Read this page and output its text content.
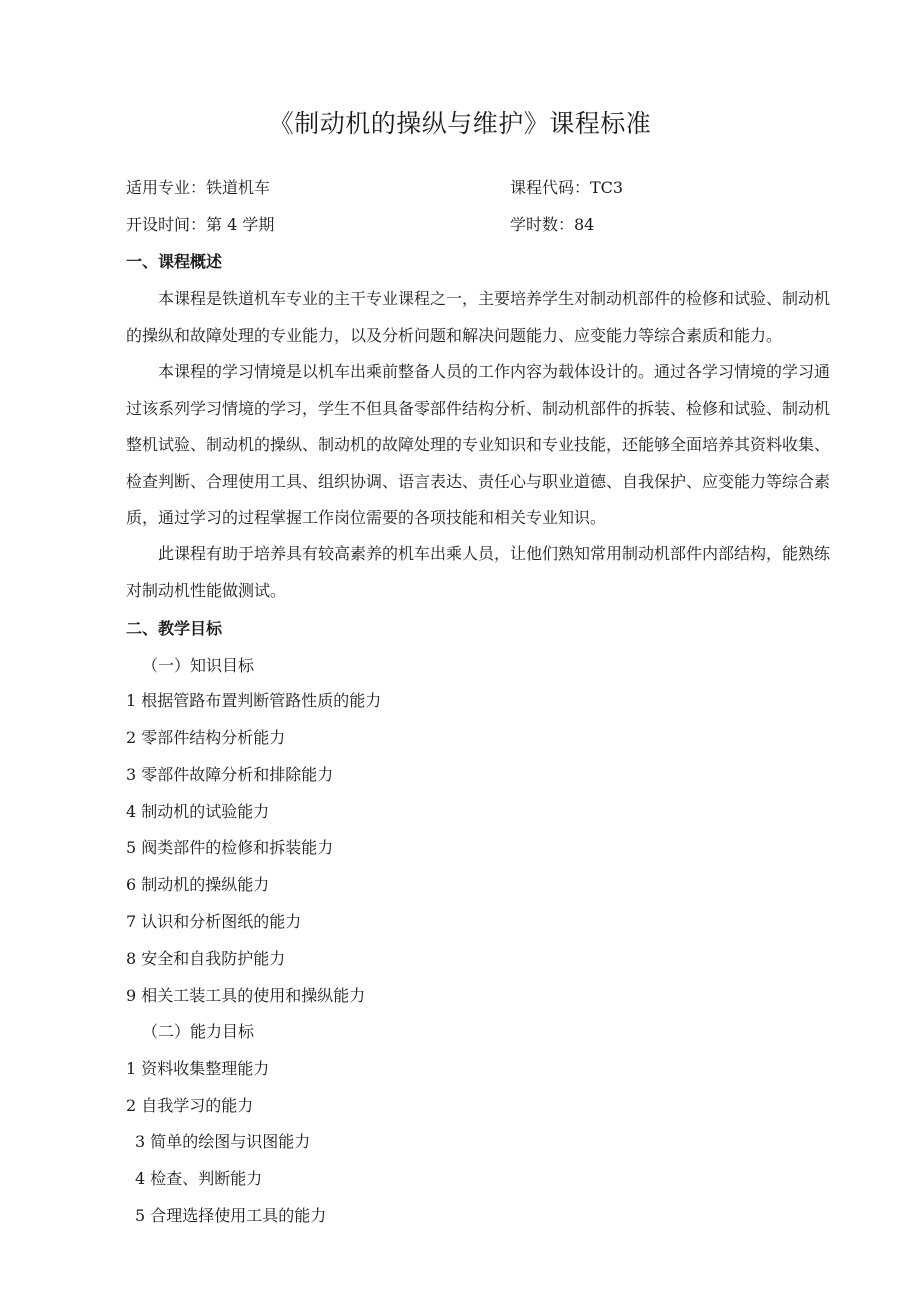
《制动机的操纵与维护》课程标准
适用专业：铁道机车	课程代码：TC3
开设时间：第 4 学期	学时数：84
一、课程概述
本课程是铁道机车专业的主干专业课程之一，主要培养学生对制动机部件的检修和试验、制动机的操纵和故障处理的专业能力，以及分析问题和解决问题能力、应变能力等综合素质和能力。
本课程的学习情境是以机车出乘前整备人员的工作内容为载体设计的。通过各学习情境的学习通过该系列学习情境的学习，学生不但具备零部件结构分析、制动机部件的拆装、检修和试验、制动机整机试验、制动机的操纵、制动机的故障处理的专业知识和专业技能，还能够全面培养其资料收集、检查判断、合理使用工具、组织协调、语言表达、责任心与职业道德、自我保护、应变能力等综合素质，通过学习的过程掌握工作岗位需要的各项技能和相关专业知识。
此课程有助于培养具有较高素养的机车出乘人员，让他们熟知常用制动机部件内部结构，能熟练对制动机性能做测试。
二、教学目标
（一）知识目标
1 根据管路布置判断管路性质的能力
2 零部件结构分析能力
3 零部件故障分析和排除能力
4 制动机的试验能力
5 阀类部件的检修和拆装能力
6 制动机的操纵能力
7 认识和分析图纸的能力
8 安全和自我防护能力
9 相关工装工具的使用和操纵能力
（二）能力目标
1 资料收集整理能力
2 自我学习的能力
3 简单的绘图与识图能力
4 检查、判断能力
5 合理选择使用工具的能力
